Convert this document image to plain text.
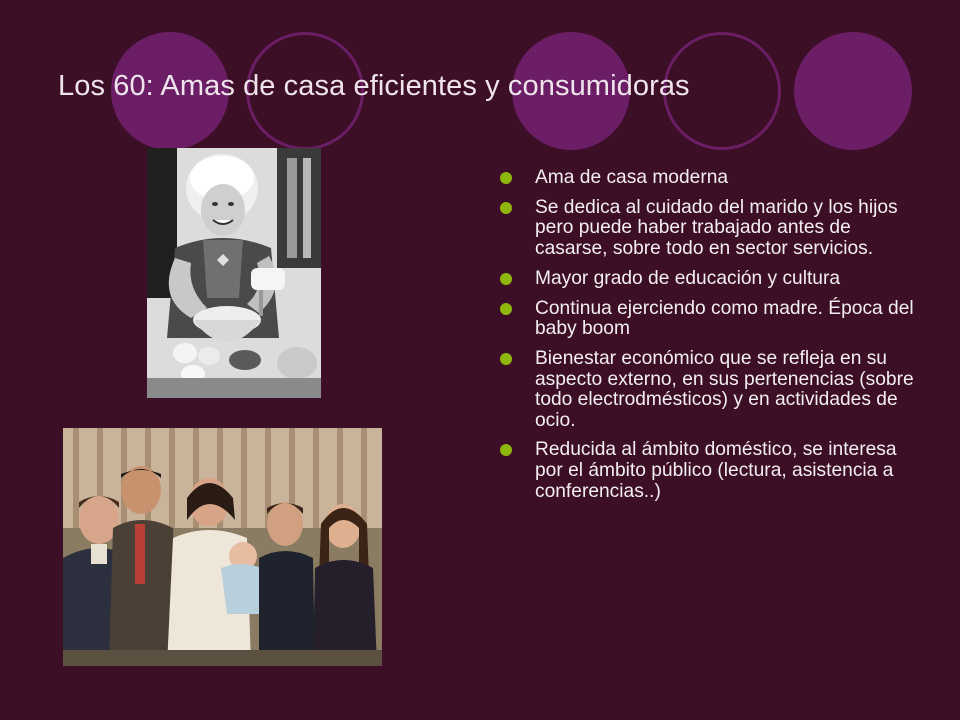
Los 60: Amas de casa eficientes y consumidoras
Ama de casa moderna
Se dedica al cuidado del marido y los hijos pero puede haber trabajado antes de casarse, sobre todo en sector servicios.
Mayor grado de educación y cultura
Continua ejerciendo como madre. Época del baby boom
Bienestar económico que se refleja en su aspecto externo, en sus pertenencias (sobre todo electrodmésticos) y en actividades de ocio.
Reducida al ámbito doméstico, se interesa por el ámbito público (lectura, asistencia a conferencias..)
